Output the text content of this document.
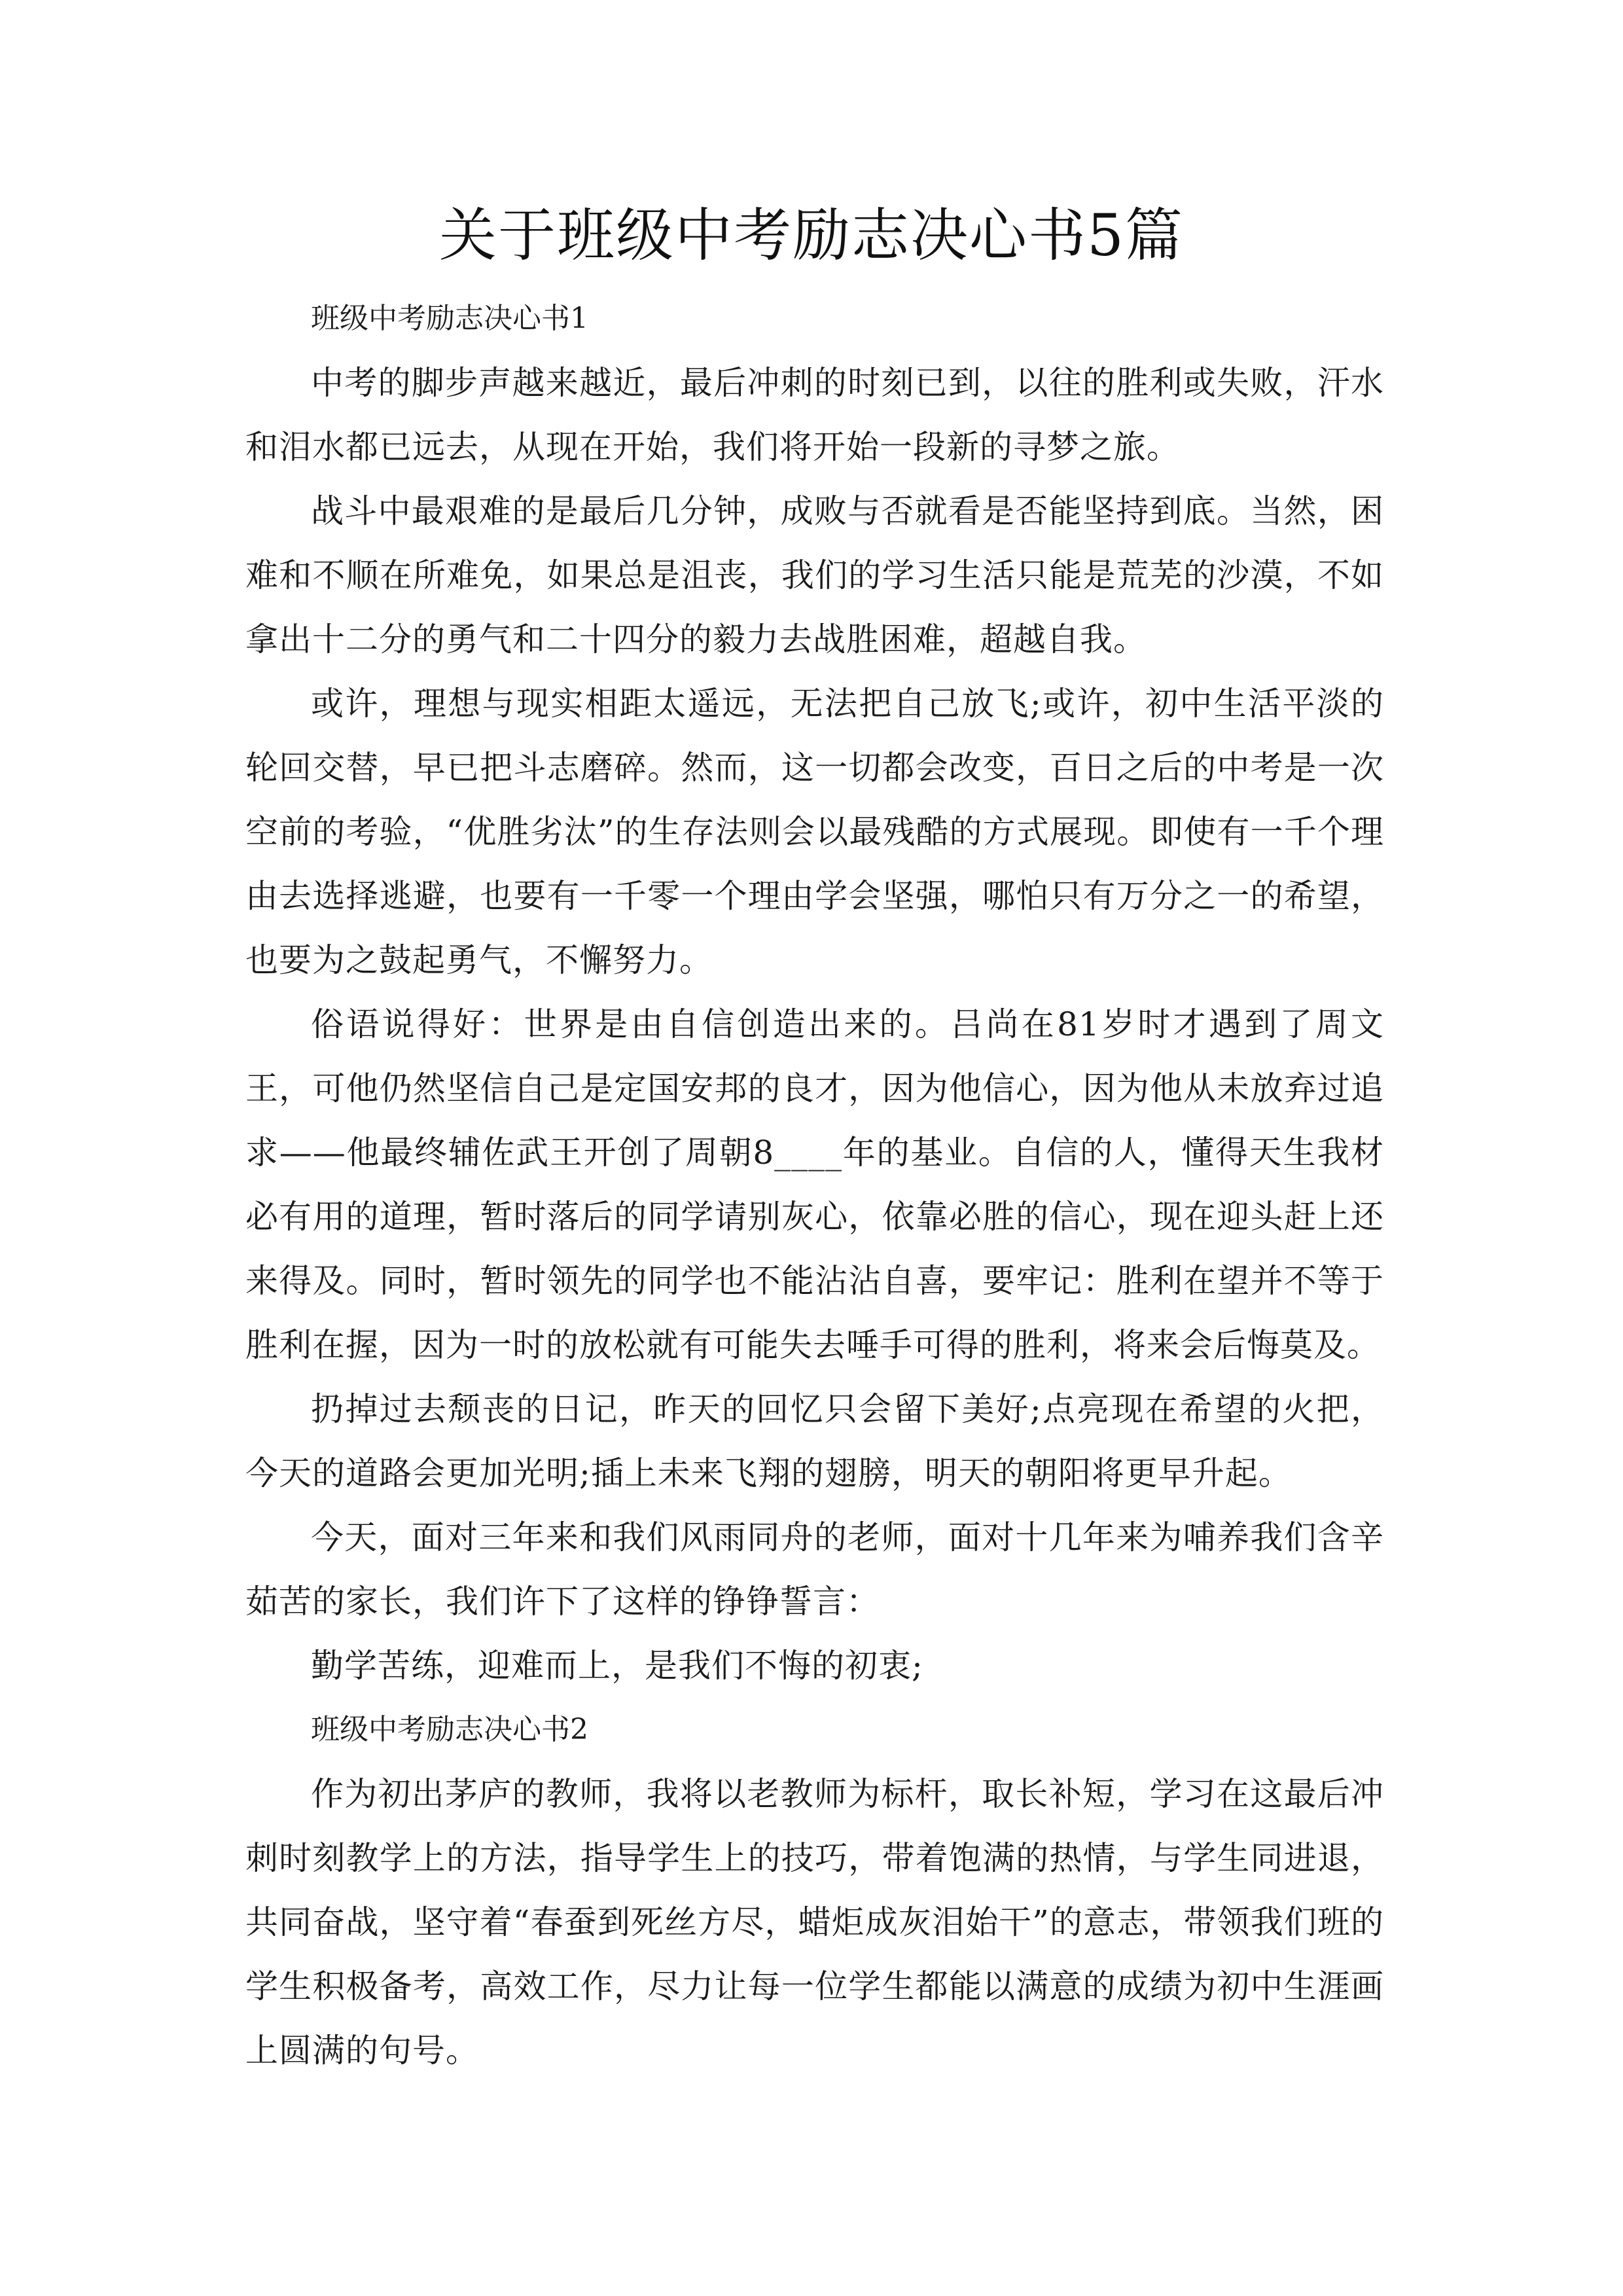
关于班级中考励志决心书5篇

班级中考励志决心书1

中考的脚步声越来越近，最后冲刺的时刻已到，以往的胜利或失败，汗水和泪水都已远去，从现在开始，我们将开始一段新的寻梦之旅。

战斗中最艰难的是最后几分钟，成败与否就看是否能坚持到底。当然，困难和不顺在所难免，如果总是沮丧，我们的学习生活只能是荒芜的沙漠，不如拿出十二分的勇气和二十四分的毅力去战胜困难，超越自我。

或许，理想与现实相距太遥远，无法把自己放飞;或许，初中生活平淡的轮回交替，早已把斗志磨碎。然而，这一切都会改变，百日之后的中考是一次空前的考验，“优胜劣汰”的生存法则会以最残酷的方式展现。即使有一千个理由去选择逃避，也要有一千零一个理由学会坚强，哪怕只有万分之一的希望，也要为之鼓起勇气，不懈努力。

俗语说得好：世界是由自信创造出来的。吕尚在81岁时才遇到了周文王，可他仍然坚信自己是定国安邦的良才，因为他信心，因为他从未放弃过追求——他最终辅佐武王开创了周朝8____年的基业。自信的人，懂得天生我材必有用的道理，暂时落后的同学请别灰心，依靠必胜的信心，现在迎头赶上还来得及。同时，暂时领先的同学也不能沾沾自喜，要牢记：胜利在望并不等于胜利在握，因为一时的放松就有可能失去唾手可得的胜利，将来会后悔莫及。

扔掉过去颓丧的日记，昨天的回忆只会留下美好;点亮现在希望的火把，今天的道路会更加光明;插上未来飞翔的翅膀，明天的朝阳将更早升起。

今天，面对三年来和我们风雨同舟的老师，面对十几年来为哺养我们含辛茹苦的家长，我们许下了这样的铮铮誓言：

勤学苦练，迎难而上，是我们不悔的初衷;

班级中考励志决心书2

作为初出茅庐的教师，我将以老教师为标杆，取长补短，学习在这最后冲刺时刻教学上的方法，指导学生上的技巧，带着饱满的热情，与学生同进退，共同奋战，坚守着“春蚕到死丝方尽，蜡炬成灰泪始干”的意志，带领我们班的学生积极备考，高效工作，尽力让每一位学生都能以满意的成绩为初中生涯画上圆满的句号。
